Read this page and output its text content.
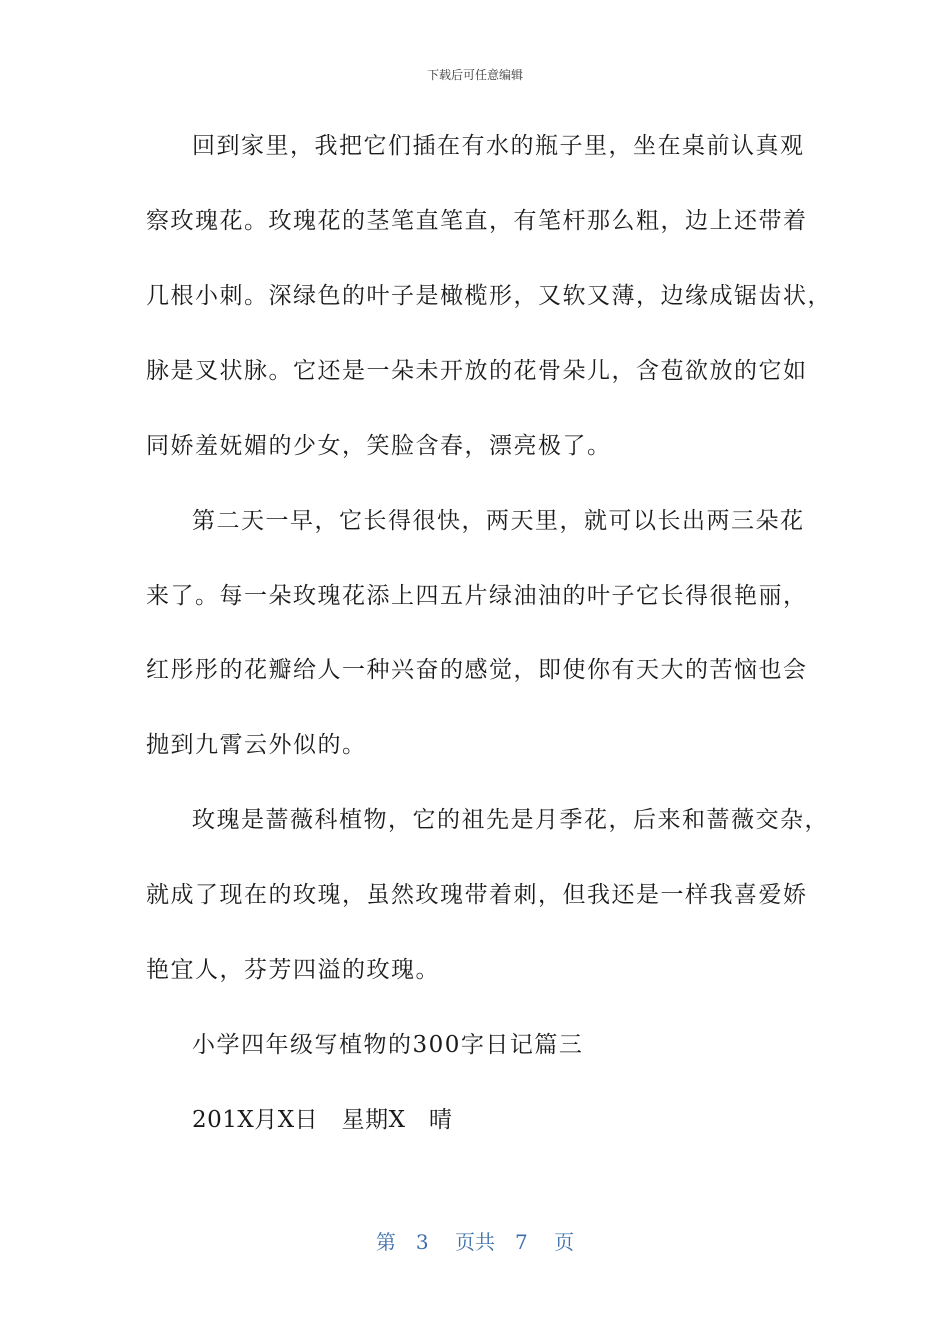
下载后可任意编辑
回到家里，我把它们插在有水的瓶子里，坐在桌前认真观
察玫瑰花。玫瑰花的茎笔直笔直，有笔杆那么粗，边上还带着
几根小刺。深绿色的叶子是橄榄形，又软又薄，边缘成锯齿状，
脉是叉状脉。它还是一朵未开放的花骨朵儿，含苞欲放的它如
同娇羞妩媚的少女，笑脸含春，漂亮极了。
第二天一早，它长得很快，两天里，就可以长出两三朵花
来了。每一朵玫瑰花添上四五片绿油油的叶子它长得很艳丽，
红彤彤的花瓣给人一种兴奋的感觉，即使你有天大的苦恼也会
抛到九霄云外似的。
玫瑰是蔷薇科植物，它的祖先是月季花，后来和蔷薇交杂，
就成了现在的玫瑰，虽然玫瑰带着刺，但我还是一样我喜爱娇
艳宜人，芬芳四溢的玫瑰。
小学四年级写植物的300字日记篇三
201X月X日　星期X　晴
第　3　 页共　7　 页
